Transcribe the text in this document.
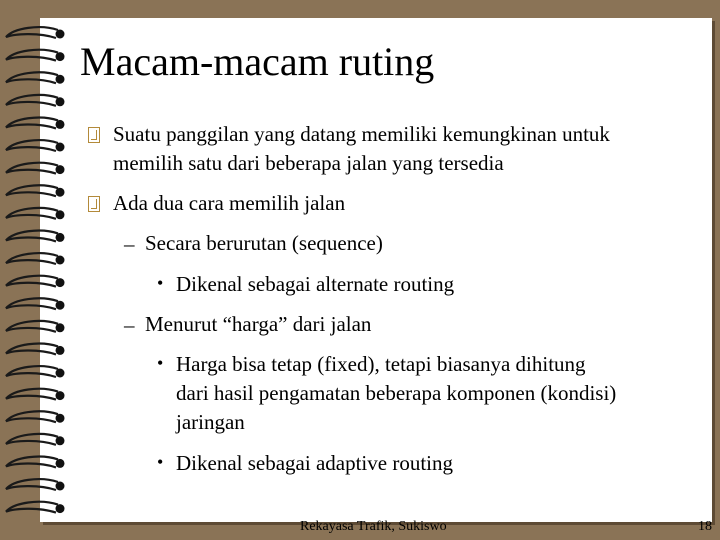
Macam-macam ruting
Suatu panggilan yang datang memiliki kemungkinan untuk
memilih satu dari beberapa jalan yang tersedia
Ada dua cara memilih jalan
– Secara berurutan (sequence)
• Dikenal sebagai alternate routing
– Menurut “harga” dari jalan
• Harga bisa tetap (fixed), tetapi biasanya dihitung
dari hasil pengamatan beberapa komponen (kondisi)
jaringan
• Dikenal sebagai adaptive routing
Rekayasa Trafik, Sukiswo	18
